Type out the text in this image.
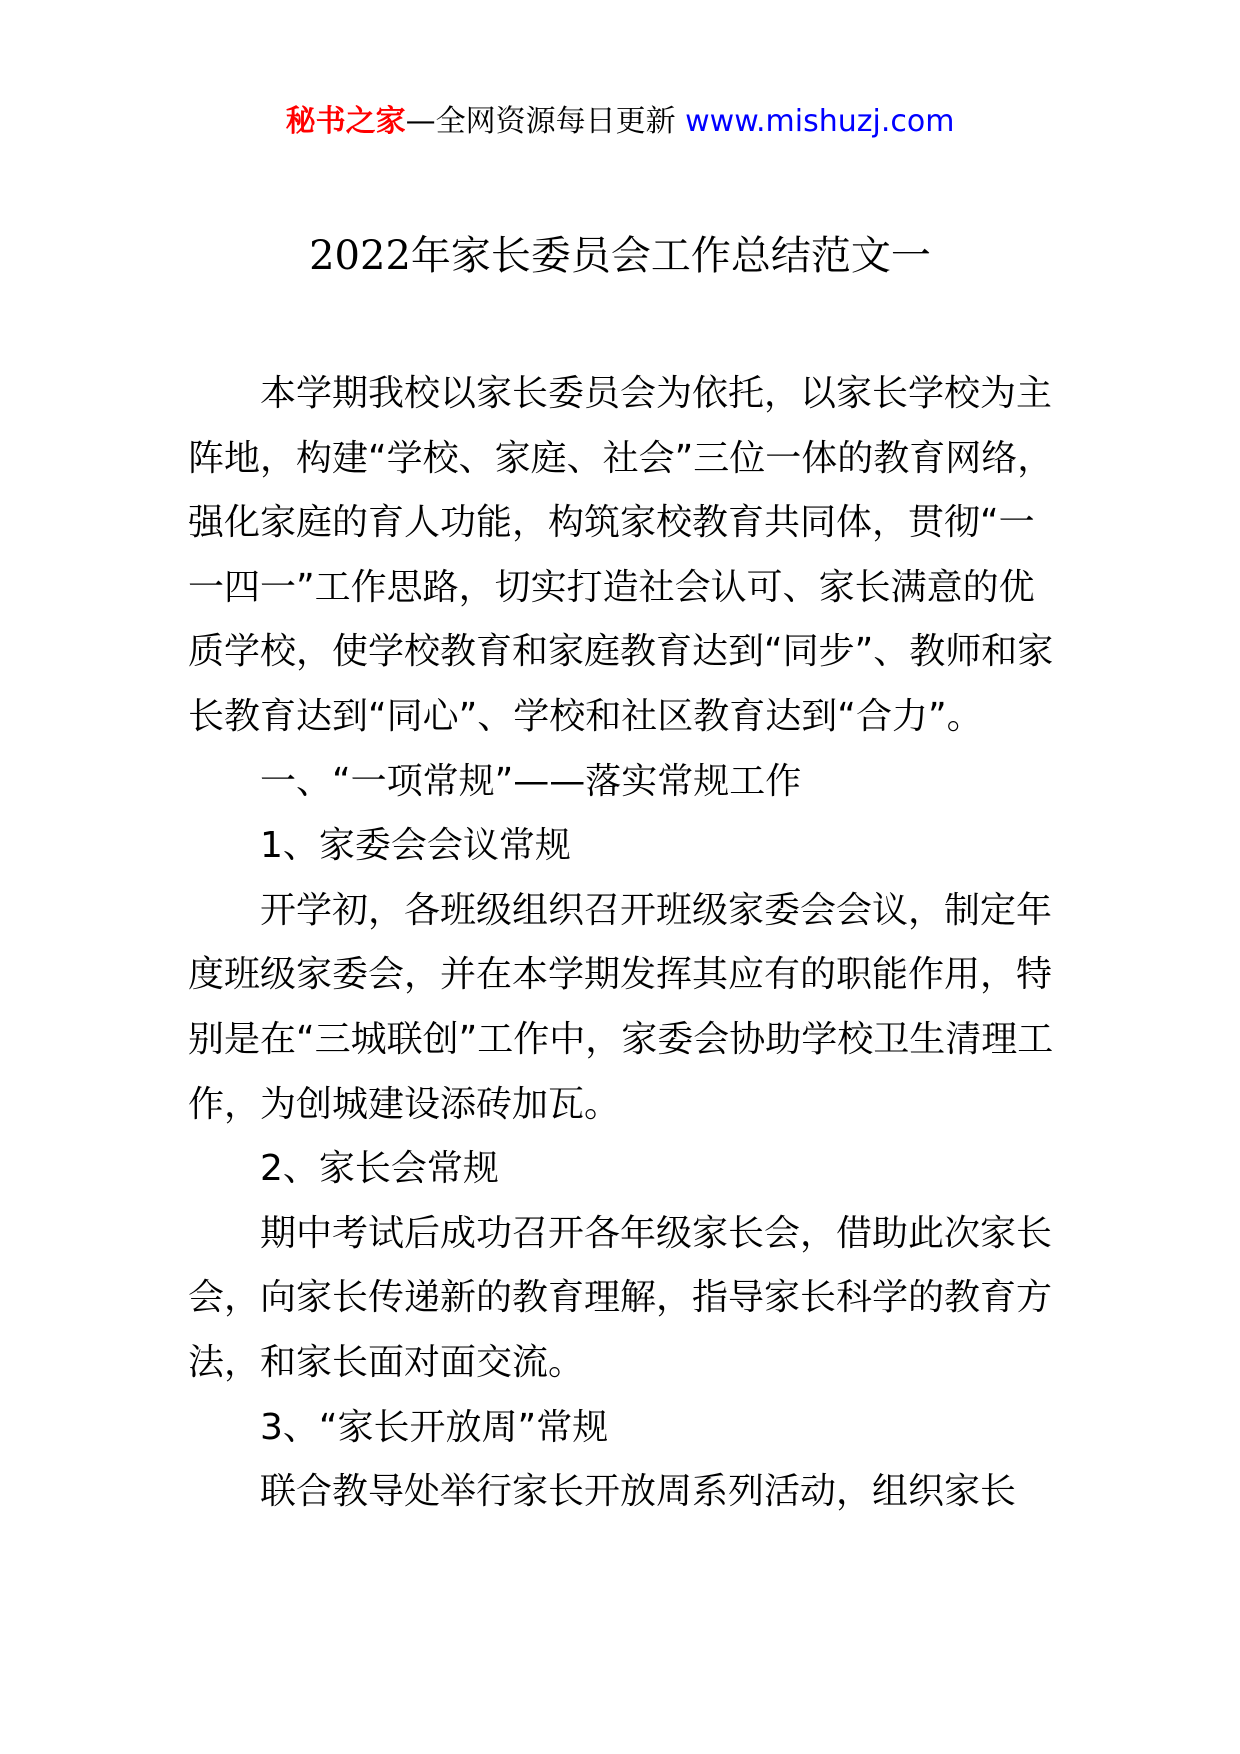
秘书之家—全网资源每日更新 www.mishuzj.com
2022年家长委员会工作总结范文一

本学期我校以家长委员会为依托，以家长学校为主阵地，构建“学校、家庭、社会”三位一体的教育网络，强化家庭的育人功能，构筑家校教育共同体，贯彻“一一四一”工作思路，切实打造社会认可、家长满意的优质学校，使学校教育和家庭教育达到“同步”、教师和家长教育达到“同心”、学校和社区教育达到“合力”。

一、“一项常规”——落实常规工作

1、家委会会议常规

开学初，各班级组织召开班级家委会会议，制定年度班级家委会，并在本学期发挥其应有的职能作用，特别是在“三城联创”工作中，家委会协助学校卫生清理工作，为创城建设添砖加瓦。

2、家长会常规

期中考试后成功召开各年级家长会，借助此次家长会，向家长传递新的教育理解，指导家长科学的教育方法，和家长面对面交流。

3、“家长开放周”常规

联合教导处举行家长开放周系列活动，组织家长
